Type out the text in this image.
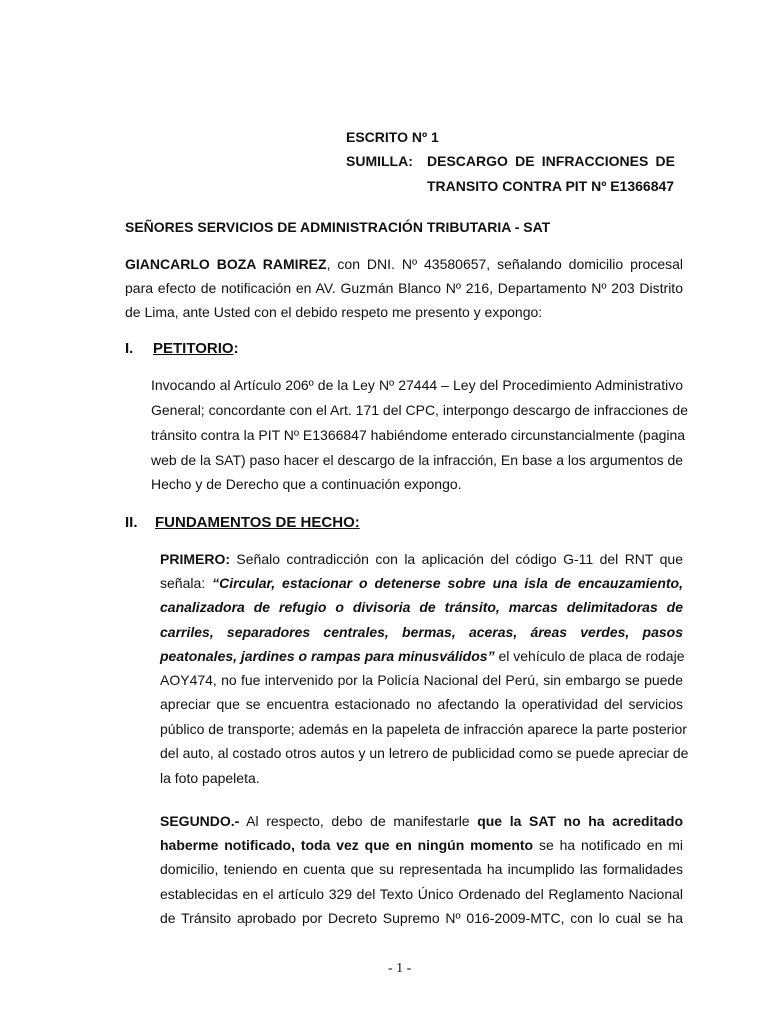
ESCRITO Nº 1
SUMILLA: DESCARGO DE INFRACCIONES DE
TRANSITO CONTRA PIT Nº E1366847
SEÑORES SERVICIOS DE ADMINISTRACIÓN TRIBUTARIA - SAT
GIANCARLO BOZA RAMIREZ, con DNI. Nº 43580657, señalando domicilio procesal
para efecto de notificación en AV. Guzmán Blanco Nº 216, Departamento Nº 203 Distrito
de Lima, ante Usted con el debido respeto me presento y expongo:
I. PETITORIO:
Invocando al Artículo 206º de la Ley Nº 27444 – Ley del Procedimiento Administrativo
General; concordante con el Art. 171 del CPC, interpongo descargo de infracciones de
tránsito contra la PIT Nº E1366847 habiéndome enterado circunstancialmente (pagina
web de la SAT) paso hacer el descargo de la infracción, En base a los argumentos de
Hecho y de Derecho que a continuación expongo.
II. FUNDAMENTOS DE HECHO:
PRIMERO: Señalo contradicción con la aplicación del código G-11 del RNT que
señala: “Circular, estacionar o detenerse sobre una isla de encauzamiento,
canalizadora de refugio o divisoria de tránsito, marcas delimitadoras de
carriles, separadores centrales, bermas, aceras, áreas verdes, pasos
peatonales, jardines o rampas para minusválidos” el vehículo de placa de rodaje
AOY474, no fue intervenido por la Policía Nacional del Perú, sin embargo se puede
apreciar que se encuentra estacionado no afectando la operatividad del servicios
público de transporte; además en la papeleta de infracción aparece la parte posterior
del auto, al costado otros autos y un letrero de publicidad como se puede apreciar de
la foto papeleta.
SEGUNDO.- Al respecto, debo de manifestarle que la SAT no ha acreditado
haberme notificado, toda vez que en ningún momento se ha notificado en mi
domicilio, teniendo en cuenta que su representada ha incumplido las formalidades
establecidas en el artículo 329 del Texto Único Ordenado del Reglamento Nacional
de Tránsito aprobado por Decreto Supremo Nº 016-2009-MTC, con lo cual se ha
- 1 -
